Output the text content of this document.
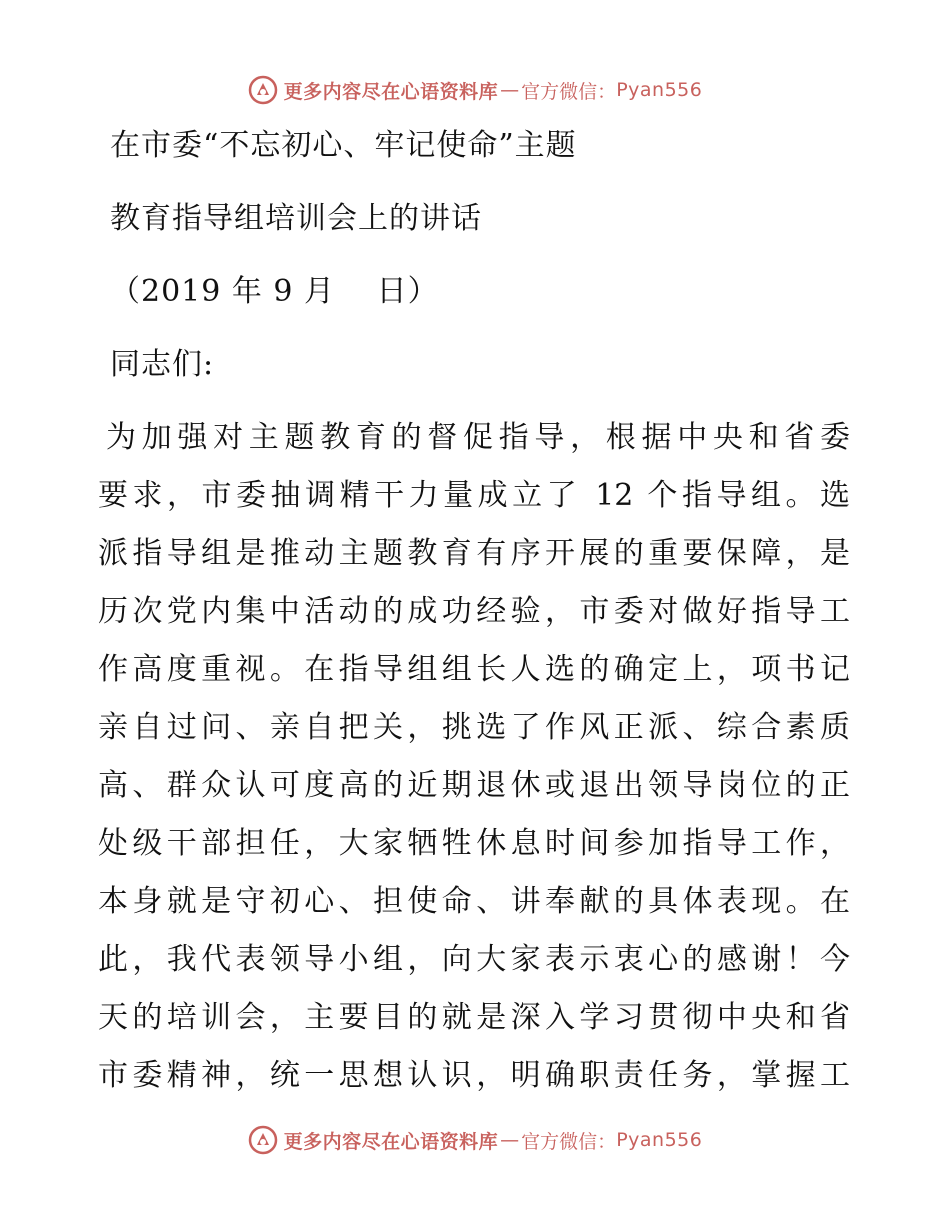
更多内容尽在心语资料库 — 官方微信： Pyan556
在市委“不忘初心、牢记使命”主题
教育指导组培训会上的讲话
（2019 年 9 月　 日）
同志们:
为加强对主题教育的督促指导，根据中央和省委
要求，市委抽调精干力量成立了 12 个指导组。选
派指导组是推动主题教育有序开展的重要保障，是
历次党内集中活动的成功经验，市委对做好指导工
作高度重视。在指导组组长人选的确定上，项书记
亲自过问、亲自把关，挑选了作风正派、综合素质
高、群众认可度高的近期退休或退出领导岗位的正
处级干部担任，大家牺牲休息时间参加指导工作，
本身就是守初心、担使命、讲奉献的具体表现。在
此，我代表领导小组，向大家表示衷心的感谢！今
天的培训会，主要目的就是深入学习贯彻中央和省
市委精神，统一思想认识，明确职责任务，掌握工
更多内容尽在心语资料库 — 官方微信： Pyan556
